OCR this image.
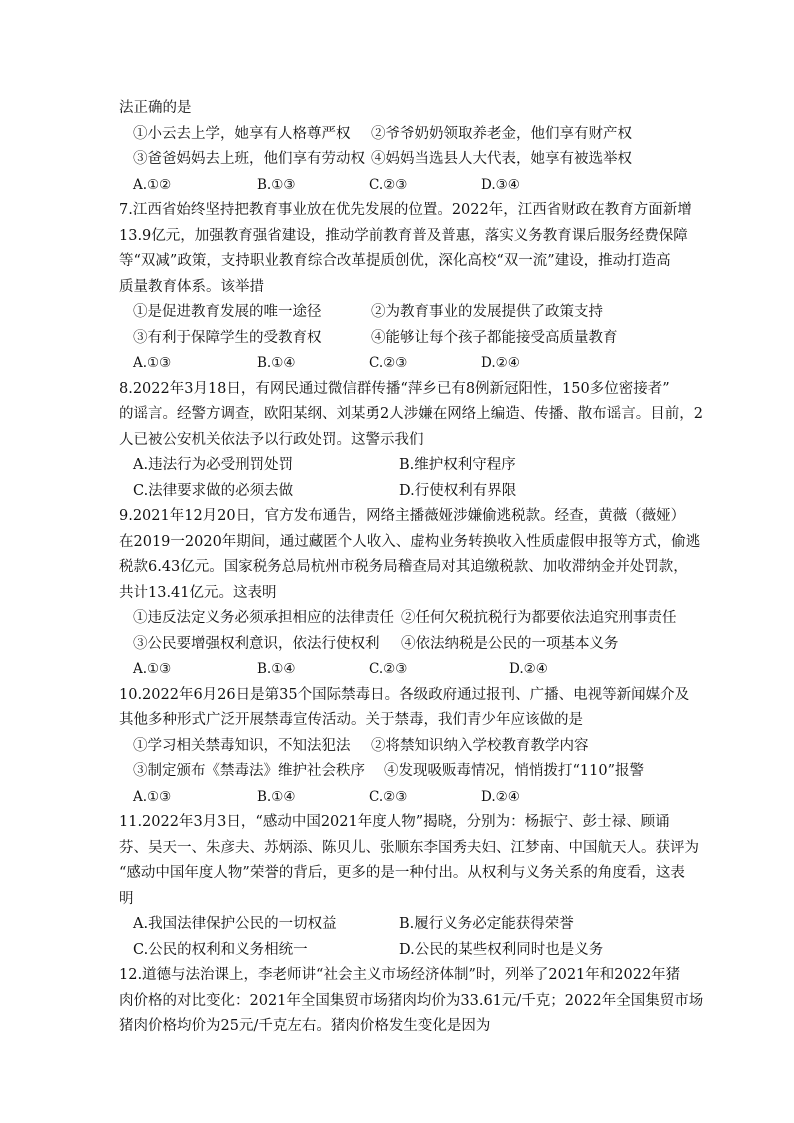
法正确的是
①小云去上学，她享有人格尊严权 ②爷爷奶奶领取养老金，他们享有财产权
③爸爸妈妈去上班，他们享有劳动权 ④妈妈当选县人大代表，她享有被选举权
A.①②	B.①③	C.②③	D.③④
7.江西省始终坚持把教育事业放在优先发展的位置。2022年，江西省财政在教育方面新增
13.9亿元，加强教育强省建设，推动学前教育普及普惠，落实义务教育课后服务经费保障
等“双减”政策，支持职业教育综合改革提质创优，深化高校“双一流”建设，推动打造高
质量教育体系。该举措
①是促进教育发展的唯一途径	②为教育事业的发展提供了政策支持
③有利于保障学生的受教育权	④能够让每个孩子都能接受高质量教育
A.①③	B.①④	C.②③	D.②④
8.2022年3月18日，有网民通过微信群传播“萍乡已有8例新冠阳性，150多位密接者”
的谣言。经警方调查，欧阳某纲、刘某勇2人涉嫌在网络上编造、传播、散布谣言。目前，2
人已被公安机关依法予以行政处罚。这警示我们
A.违法行为必受刑罚处罚	B.维护权利守程序
C.法律要求做的必须去做	D.行使权利有界限
9.2021年12月20日，官方发布通告，网络主播薇娅涉嫌偷逃税款。经查，黄薇（薇娅）
在2019一2020年期间，通过藏匿个人收入、虚构业务转换收入性质虚假申报等方式，偷逃
税款6.43亿元。国家税务总局杭州市税务局稽查局对其追缴税款、加收滞纳金并处罚款，
共计13.41亿元。这表明
①违反法定义务必须承担相应的法律责任 ②任何欠税抗税行为都要依法追究刑事责任
③公民要增强权利意识，依法行使权利 ④依法纳税是公民的一项基本义务
A.①③	B.①④	C.②③	D.②④
10.2022年6月26日是第35个国际禁毒日。各级政府通过报刊、广播、电视等新闻媒介及
其他多种形式广泛开展禁毒宣传活动。关于禁毒，我们青少年应该做的是
①学习相关禁毒知识，不知法犯法 ②将禁知识纳入学校教育教学内容
③制定颁布《禁毒法》维护社会秩序 ④发现吸贩毒情况，悄悄拨打“110”报警
A.①③	B.①④	C.②③	D.②④
11.2022年3月3日，“感动中国2021年度人物”揭晓，分别为：杨振宁、彭士禄、顾诵
芬、吴天一、朱彦夫、苏炳添、陈贝儿、张顺东李国秀夫妇、江梦南、中国航天人。获评为
“感动中国年度人物”荣誉的背后，更多的是一种付出。从权利与义务关系的角度看，这表
明
A.我国法律保护公民的一切权益	B.履行义务必定能获得荣誉
C.公民的权利和义务相统一	D.公民的某些权利同时也是义务
12.道德与法治课上，李老师讲“社会主义市场经济体制”时，列举了2021年和2022年猪
肉价格的对比变化：2021年全国集贸市场猪肉均价为33.61元/千克；2022年全国集贸市场
猪肉价格均价为25元/千克左右。猪肉价格发生变化是因为
